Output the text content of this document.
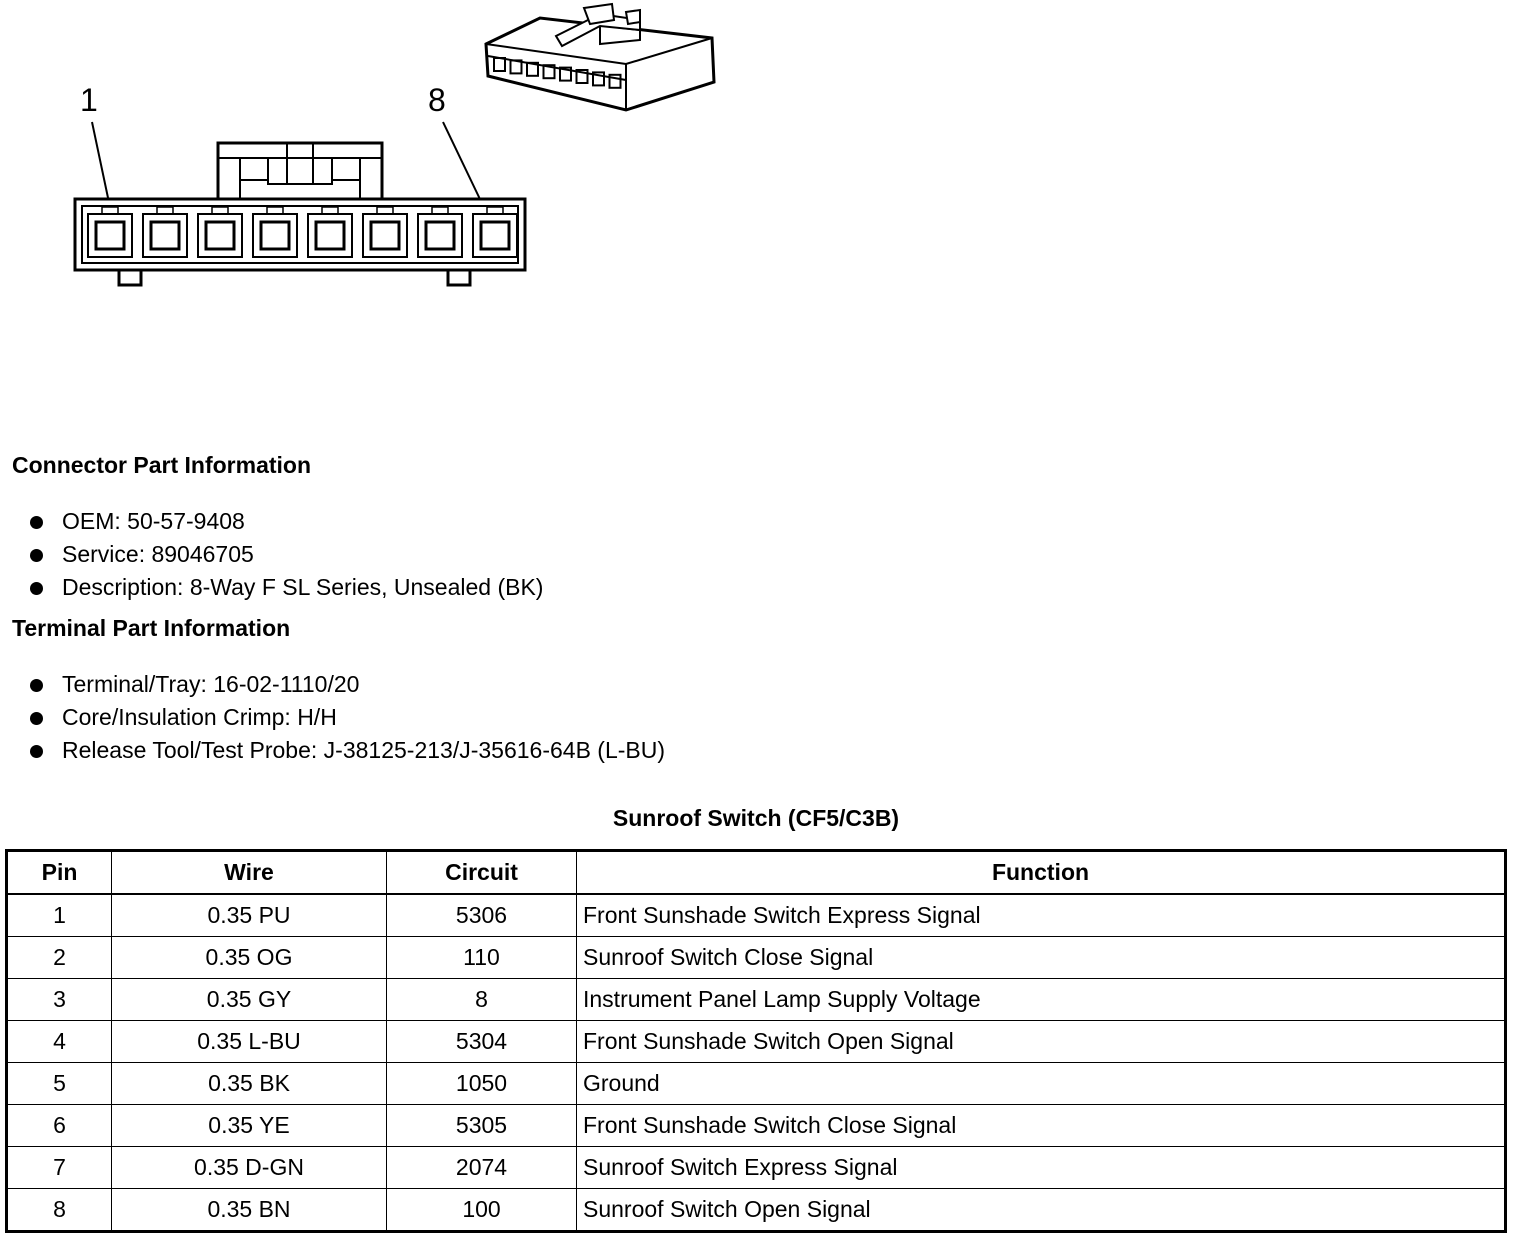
1	8
Connector Part Information
OEM: 50-57-9408
Service: 89046705
Description: 8-Way F SL Series, Unsealed (BK)
Terminal Part Information
Terminal/Tray: 16-02-1110/20
Core/Insulation Crimp: H/H
Release Tool/Test Probe: J-38125-213/J-35616-64B (L-BU)
Sunroof Switch (CF5/C3B)
Pin	Wire	Circuit	Function
1	0.35 PU	5306	Front Sunshade Switch Express Signal
2	0.35 OG	110	Sunroof Switch Close Signal
3	0.35 GY	8	Instrument Panel Lamp Supply Voltage
4	0.35 L-BU	5304	Front Sunshade Switch Open Signal
5	0.35 BK	1050	Ground
6	0.35 YE	5305	Front Sunshade Switch Close Signal
7	0.35 D-GN	2074	Sunroof Switch Express Signal
8	0.35 BN	100	Sunroof Switch Open Signal
